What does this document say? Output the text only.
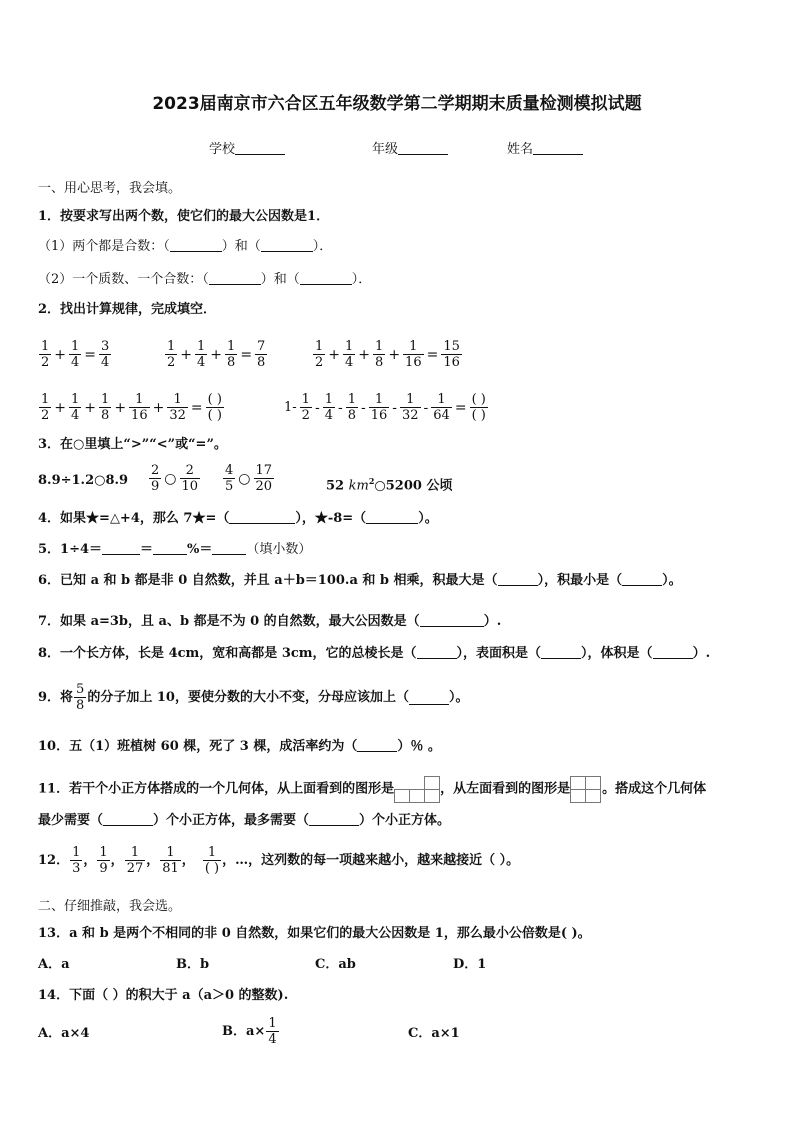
2023届南京市六合区五年级数学第二学期期末质量检测模拟试题
学校	年级	姓名
一、用心思考，我会填。
1．按要求写出两个数，使它们的最大公因数是1．
（1）两个都是合数：（	）和（	）．
（2）一个质数、一个合数：（	）和（	）．
2．找出计算规律，完成填空．
$\frac{1}{2} + \frac{1}{4} = \frac{3}{4}$	$\frac{1}{2} + \frac{1}{4} + \frac{1}{8} = \frac{7}{8}$	$\frac{1}{2} + \frac{1}{4} + \frac{1}{8} + \frac{1}{16} = \frac{15}{16}$
$\frac{1}{2} + \frac{1}{4} + \frac{1}{8} + \frac{1}{16} + \frac{1}{32} = \frac{( )}{( )}$	$1- \frac{1}{2} - \frac{1}{4} - \frac{1}{8} - \frac{1}{16} - \frac{1}{32} - \frac{1}{64} = \frac{( )}{( )}$
3．在○里填上“>”“<”或“=”。
8.9÷1.2○8.9 $\frac{2}{9}$ ○ $\frac{2}{10} \frac{4}{5}$ ○ $\frac{17}{20}$	52 $km^2○5200$ 公顷
4．如果★=△+4，那么 7★=（	），★-8=（	）。
5．1÷4＝	＝	%＝	（填小数）
6．已知 a 和 b 都是非 0 自然数，并且 a＋b＝100.a 和 b 相乘，积最大是（	），积最小是（	）。
7．如果 a=3b，且 a、b 都是不为 0 的自然数，最大公因数是（	）.
8．一个长方体，长是 4cm，宽和高都是 3cm，它的总棱长是（	），表面积是（	），体积是（	）.
9．将 $\frac{5}{8}$ 的分子加上 10，要使分数的大小不变，分母应该加上（	）。
10．五（1）班植树 60 棵，死了 3 棵，成活率约为（	）％ 。
11．若干个小正方体搭成的一个几何体，从上面看到的图形是	，从左面看到的图形是 。搭成这个几何体
最少需要（	）个小正方体，最多需要（	）个小正方体。
12． $\frac{1}{3}$ ， $\frac{1}{9}$ ， $\frac{1}{27}$ ， $\frac{1}{81}$ ， $\frac{1}{( )}$ ，…，这列数的每一项越来越小，越来越接近（ ）。
二、仔细推敲，我会选。
13．a 和 b 是两个不相同的非 0 自然数，如果它们的最大公因数是 1，那么最小公倍数是( )。
A．a	B．b	C．ab	D．1
14．下面（ ）的积大于 a（a＞0 的整数).
A．a×4	B．$a\times \frac{1}{4}$	C．a×1
